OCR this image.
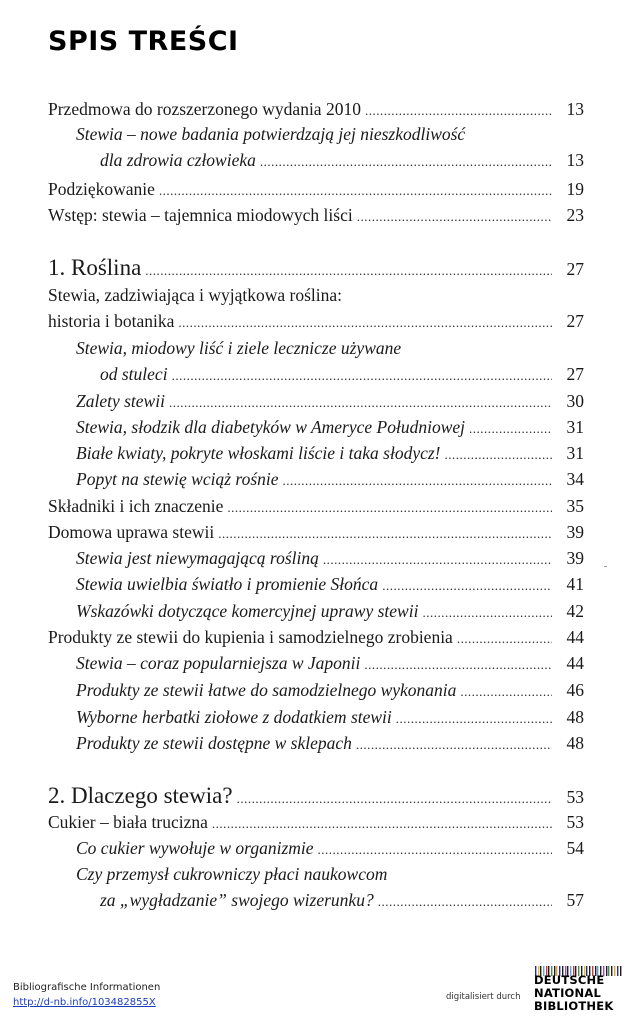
SPIS TREŚCI
Przedmowa do rozszerzonego wydania 2010 .....	13
Stewia – nowe badania potwierdzają jej nieszkodliwość
dla zdrowia człowieka .....	13
Podziękowanie .....	19
Wstęp: stewia – tajemnica miodowych liści .....	23
1. Roślina .....	27
Stewia, zadziwiająca i wyjątkowa roślina:
historia i botanika .....	27
Stewia, miodowy liść i ziele lecznicze używane
od stuleci .....	27
Zalety stewii .....	30
Stewia, słodzik dla diabetyków w Ameryce Południowej .....	31
Białe kwiaty, pokryte włoskami liście i taka słodycz! .....	31
Popyt na stewię wciąż rośnie .....	34
Składniki i ich znaczenie .....	35
Domowa uprawa stewii .....	39
Stewia jest niewymagającą rośliną .....	39
Stewia uwielbia światło i promienie Słońca .....	41
Wskazówki dotyczące komercyjnej uprawy stewii .....	42
Produkty ze stewii do kupienia i samodzielnego zrobienia .....	44
Stewia – coraz popularniejsza w Japonii .....	44
Produkty ze stewii łatwe do samodzielnego wykonania .....	46
Wyborne herbatki ziołowe z dodatkiem stewii .....	48
Produkty ze stewii dostępne w sklepach .....	48
2. Dlaczego stewia? .....	53
Cukier – biała trucizna .....	53
Co cukier wywołuje w organizmie .....	54
Czy przemysł cukrowniczy płaci naukowcom
za „wygładzanie” swojego wizerunku? .....	57
Bibliografische Informationen
http://d-nb.info/103482855X	digitalisiert durch
DEUTSCHE
NATIONAL
BIBLIOTHEK
